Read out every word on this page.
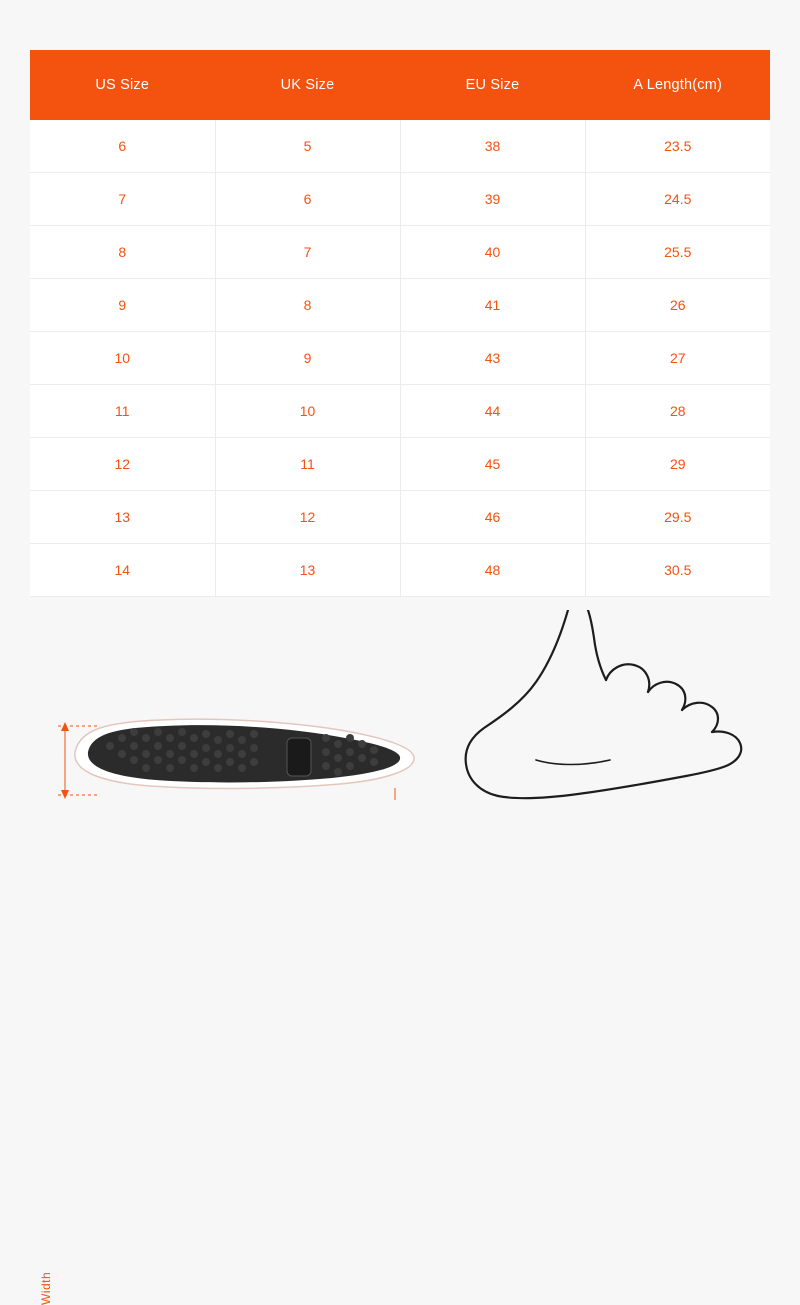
US Size	UK Size	EU Size	A Length(cm)
6	5	38	23.5
7	6	39	24.5
8	7	40	25.5
9	8	41	26
10	9	43	27
11	10	44	28
12	11	45	29
13	12	46	29.5
14	13	48	30.5
Width
